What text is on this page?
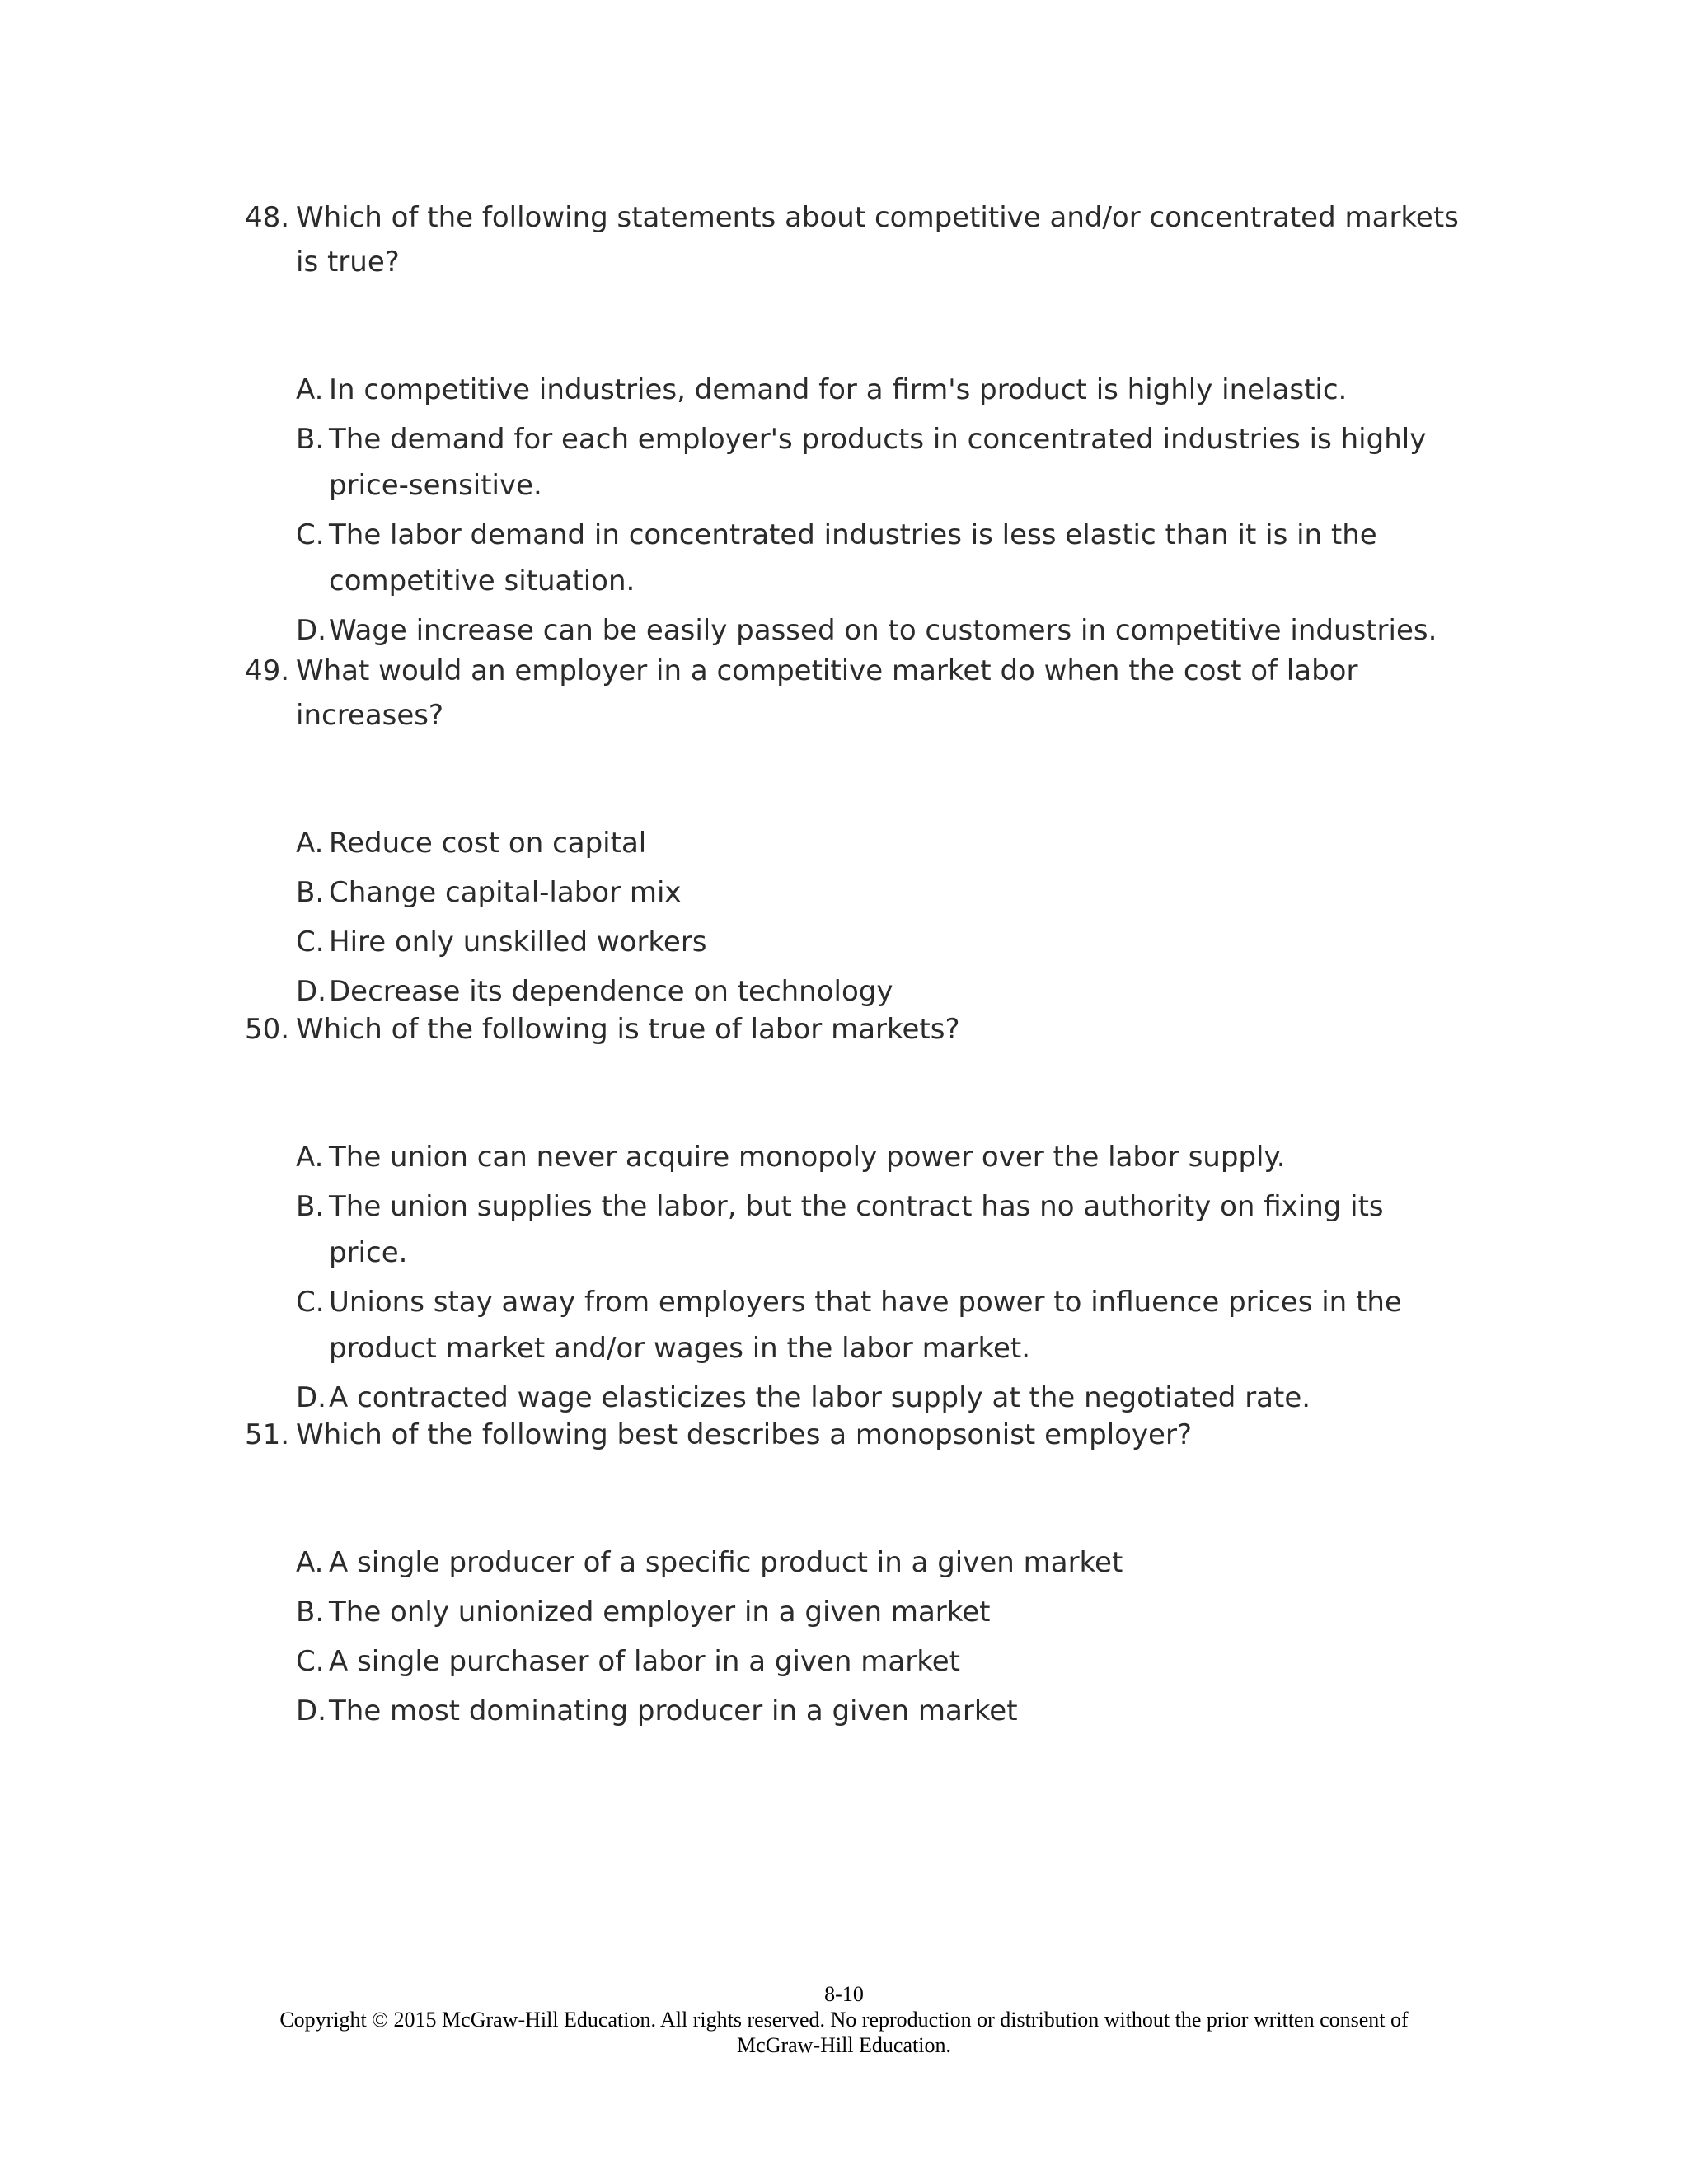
48. Which of the following statements about competitive and/or concentrated markets is true?
A. In competitive industries, demand for a firm's product is highly inelastic.
B. The demand for each employer's products in concentrated industries is highly price-sensitive.
C. The labor demand in concentrated industries is less elastic than it is in the competitive situation.
D. Wage increase can be easily passed on to customers in competitive industries.
49. What would an employer in a competitive market do when the cost of labor increases?
A. Reduce cost on capital
B. Change capital-labor mix
C. Hire only unskilled workers
D. Decrease its dependence on technology
50. Which of the following is true of labor markets?
A. The union can never acquire monopoly power over the labor supply.
B. The union supplies the labor, but the contract has no authority on fixing its price.
C. Unions stay away from employers that have power to influence prices in the product market and/or wages in the labor market.
D. A contracted wage elasticizes the labor supply at the negotiated rate.
51. Which of the following best describes a monopsonist employer?
A. A single producer of a specific product in a given market
B. The only unionized employer in a given market
C. A single purchaser of labor in a given market
D. The most dominating producer in a given market
8-10
Copyright © 2015 McGraw-Hill Education. All rights reserved. No reproduction or distribution without the prior written consent of McGraw-Hill Education.
